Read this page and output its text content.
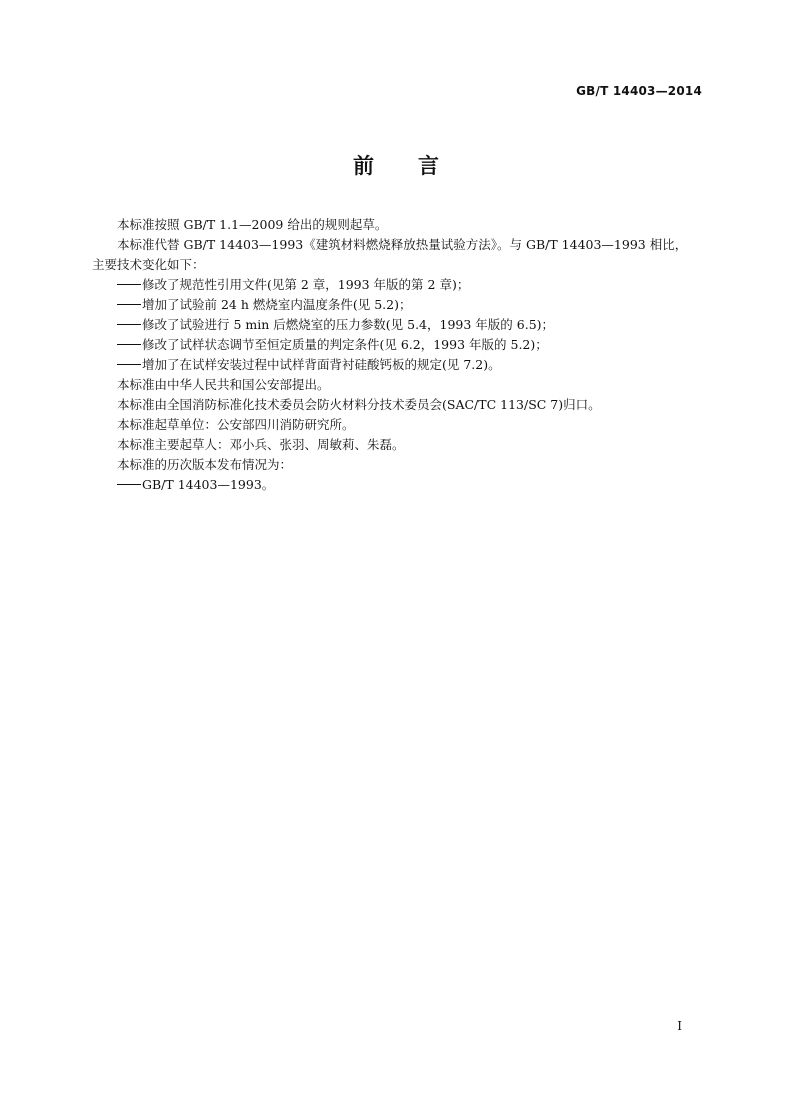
GB/T 14403—2014
前言
本标准按照 GB/T 1.1—2009 给出的规则起草。
本标准代替 GB/T 14403—1993《建筑材料燃烧释放热量试验方法》。与 GB/T 14403—1993 相比，
主要技术变化如下：
修改了规范性引用文件(见第 2 章，1993 年版的第 2 章)；
增加了试验前 24 h 燃烧室内温度条件(见 5.2)；
修改了试验进行 5 min 后燃烧室的压力参数(见 5.4，1993 年版的 6.5)；
修改了试样状态调节至恒定质量的判定条件(见 6.2，1993 年版的 5.2)；
增加了在试样安装过程中试样背面背衬硅酸钙板的规定(见 7.2)。
本标准由中华人民共和国公安部提出。
本标准由全国消防标准化技术委员会防火材料分技术委员会(SAC/TC 113/SC 7)归口。
本标准起草单位：公安部四川消防研究所。
本标准主要起草人：邓小兵、张羽、周敏莉、朱磊。
本标准的历次版本发布情况为：
GB/T 14403—1993。
I
